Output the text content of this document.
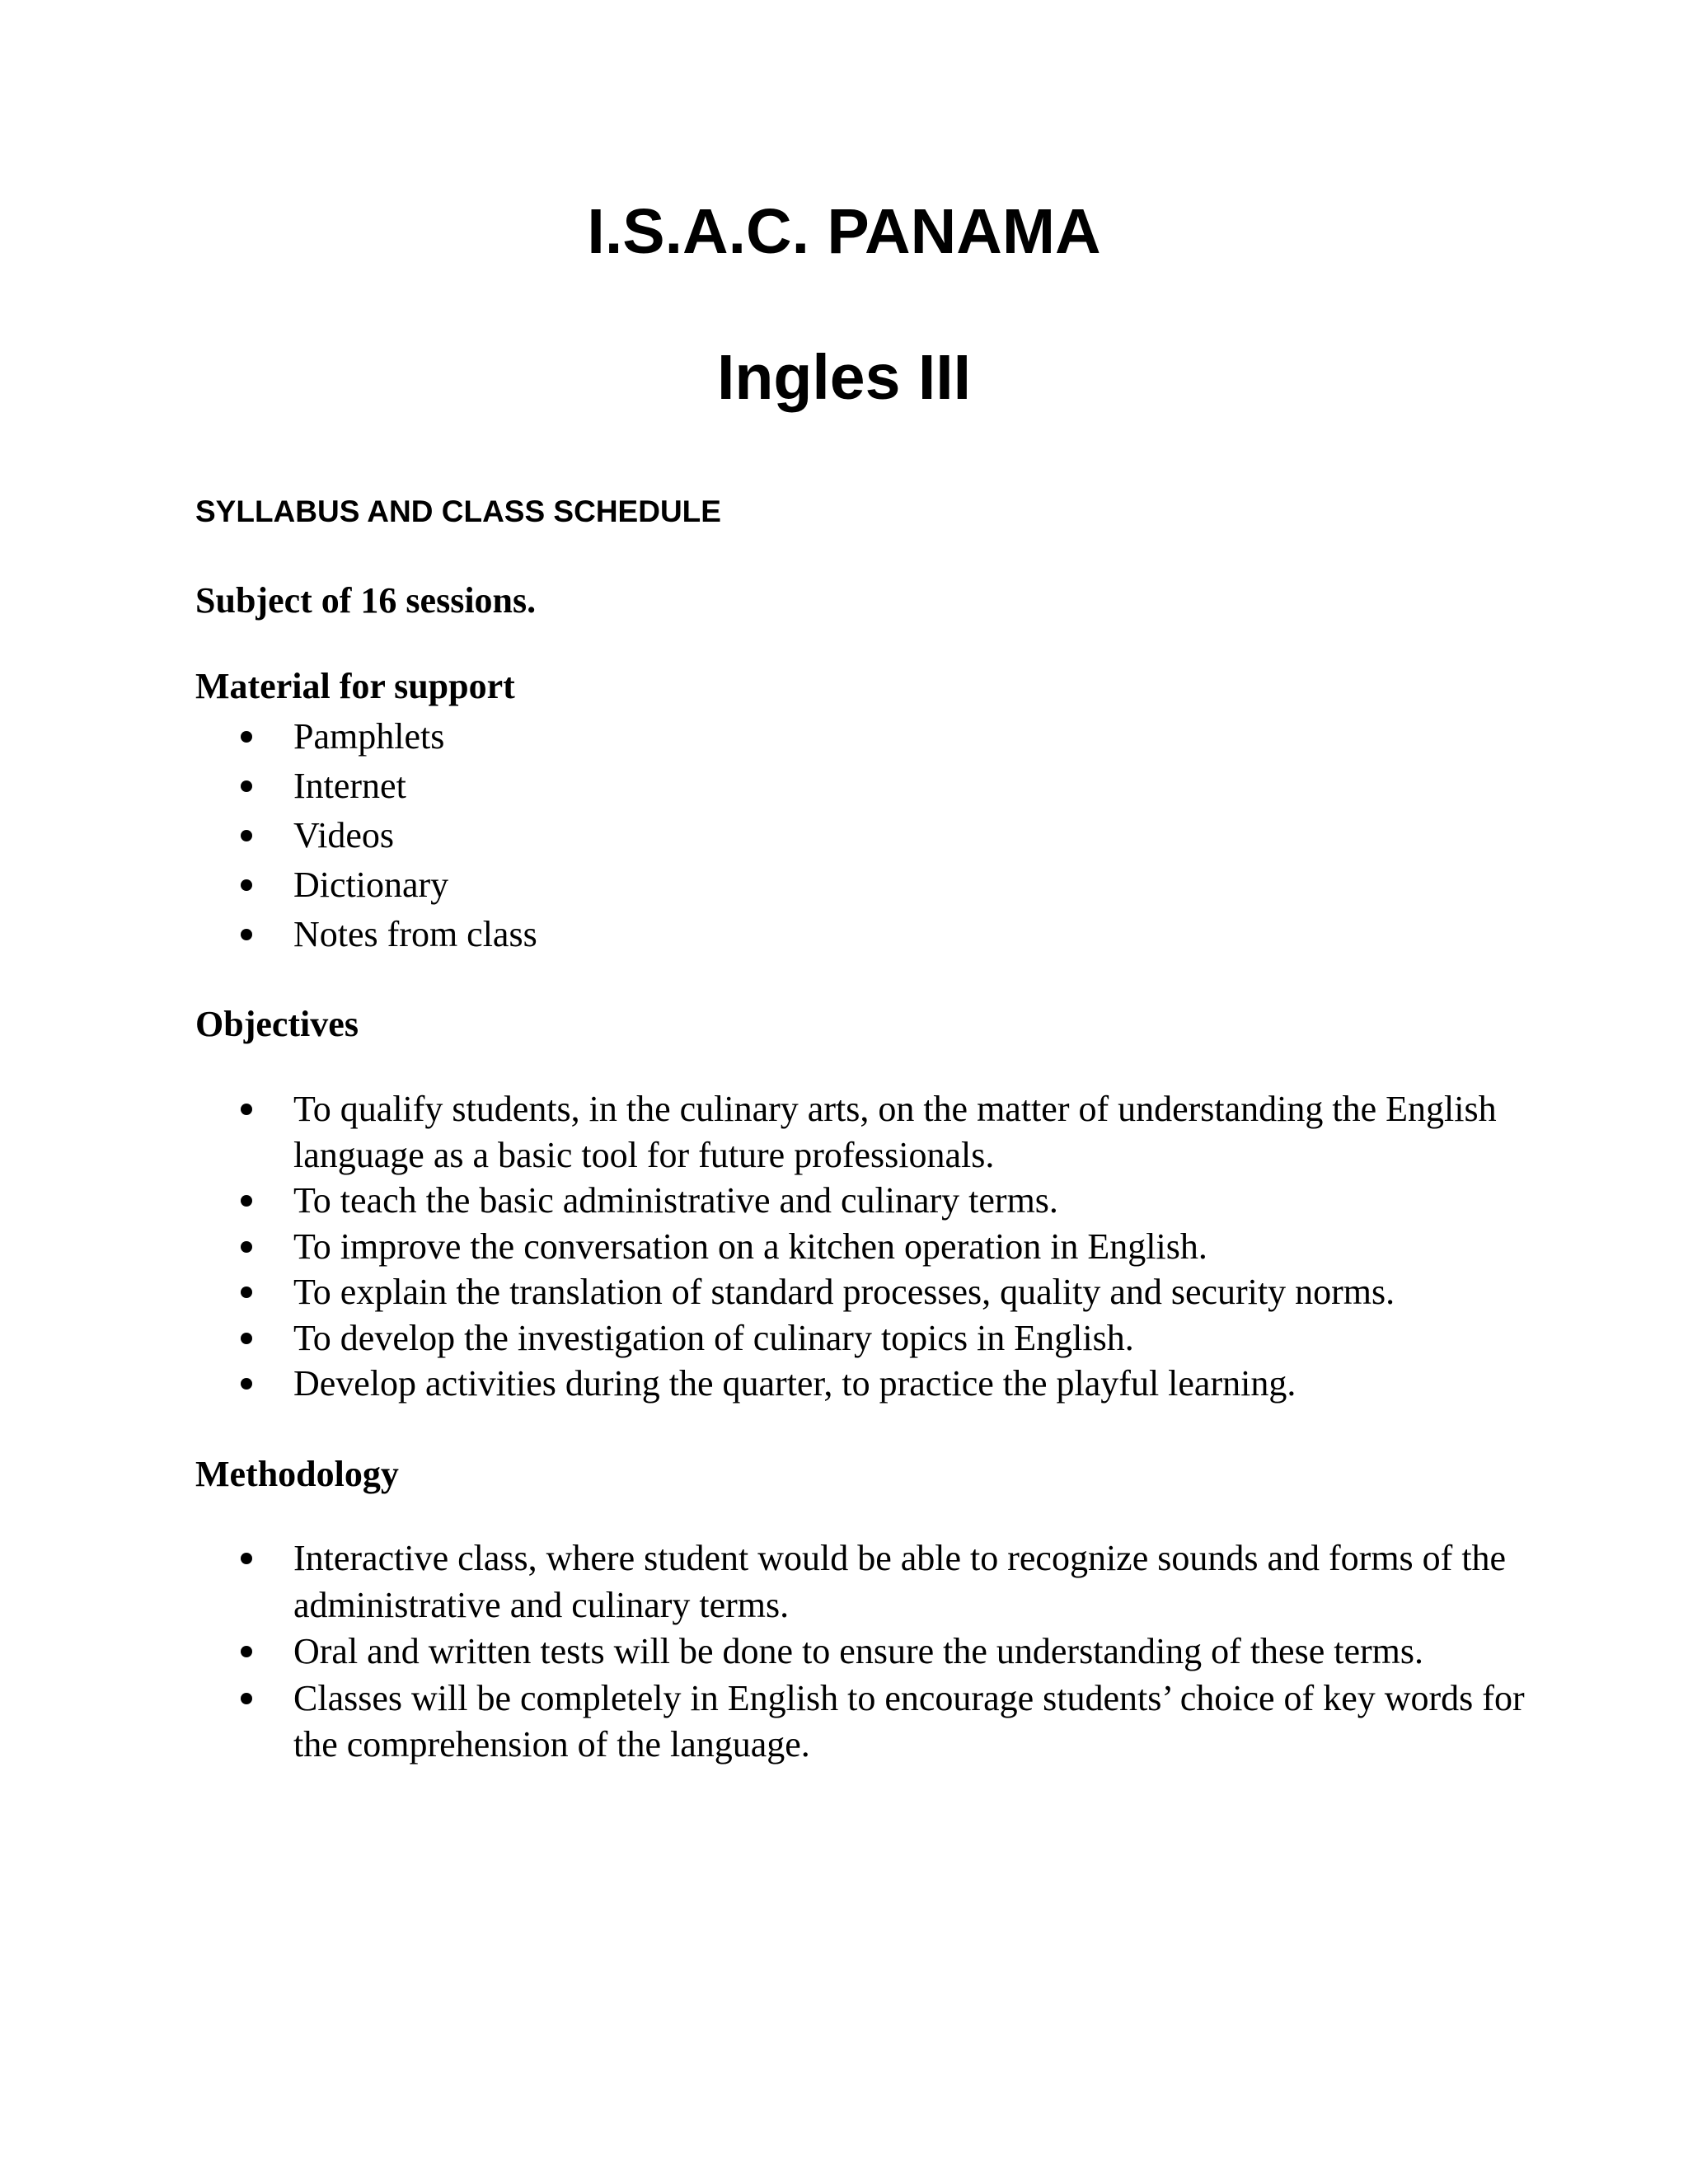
I.S.A.C. PANAMA
Ingles III
SYLLABUS AND CLASS SCHEDULE
Subject of 16 sessions.
Material for support
Pamphlets
Internet
Videos
Dictionary
Notes from class
Objectives
To qualify students, in the culinary arts, on the matter of understanding the English language as a basic tool for future professionals.
To teach the basic administrative and culinary terms.
To improve the conversation on a kitchen operation in English.
To explain the translation of standard processes, quality and security norms.
To develop the investigation of culinary topics in English.
Develop activities during the quarter, to practice the playful learning.
Methodology
Interactive class, where student would be able to recognize sounds and forms of the administrative and culinary terms.
Oral and written tests will be done to ensure the understanding of these terms.
Classes will be completely in English to encourage students’ choice of key words for the comprehension of the language.
